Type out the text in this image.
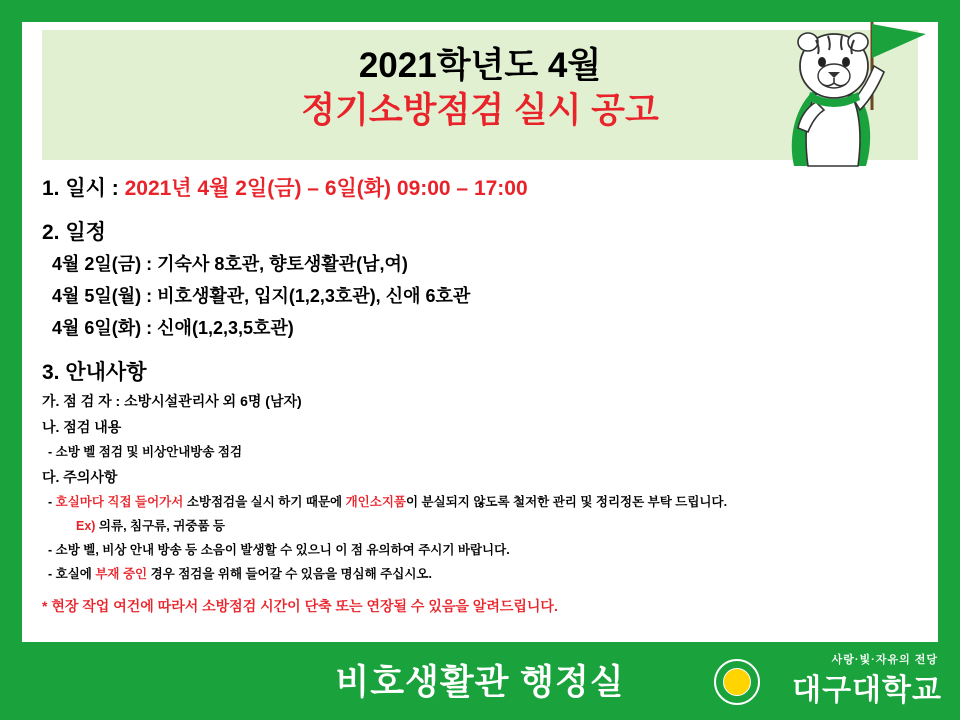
2021학년도 4월
정기소방점검 실시 공고
1. 일시 : 2021년 4월 2일(금) – 6일(화) 09:00 – 17:00
2. 일정
4월 2일(금) : 기숙사 8호관, 향토생활관(남,여)
4월 5일(월) : 비호생활관, 입지(1,2,3호관), 신애 6호관
4월 6일(화) : 신애(1,2,3,5호관)
3. 안내사항
가. 점 검 자 : 소방시설관리사 외 6명 (남자)
나. 점검 내용
- 소방 벨 점검 및 비상안내방송 점검
다. 주의사항
- 호실마다 직접 들어가서 소방점검을 실시 하기 때문에 개인소지품이 분실되지 않도록 철저한 관리 및 정리정돈 부탁 드립니다.
Ex) 의류, 침구류, 귀중품 등
- 소방 벨, 비상 안내 방송 등 소음이 발생할 수 있으니 이 점 유의하여 주시기 바랍니다.
- 호실에 부재 중인 경우 점검을 위해 들어갈 수 있음을 명심해 주십시오.
* 현장 작업 여건에 따라서 소방점검 시간이 단축 또는 연장될 수 있음을 알려드립니다.
비호생활관 행정실
사랑·빛·자유의 전당
대구대학교
